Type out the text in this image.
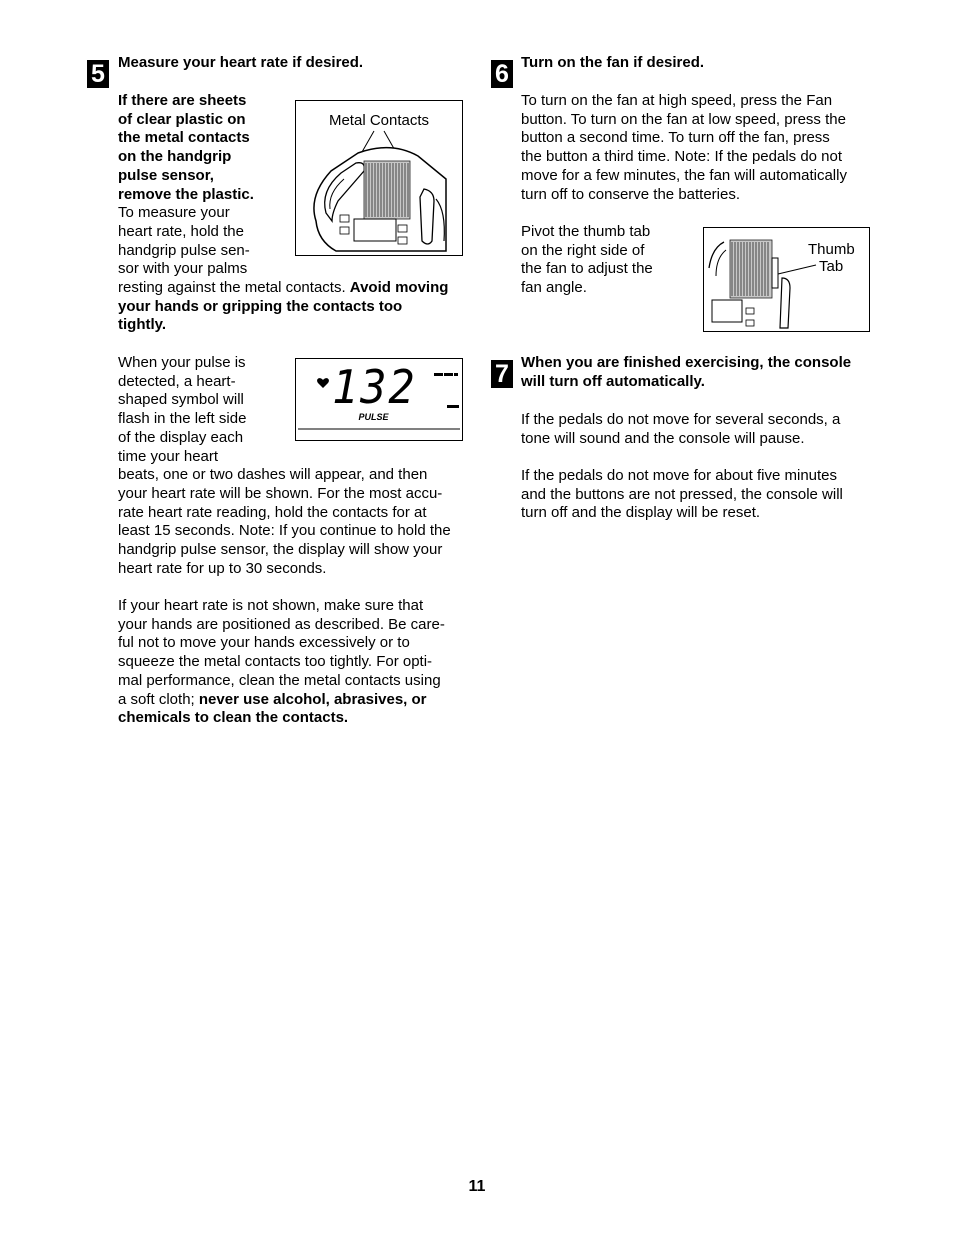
5 Measure your heart rate if desired.

If there are sheets

of clear plastic on

the metal contacts

on the handgrip

pulse sensor,

remove the plastic.

To measure your

heart rate, hold the

handgrip pulse sen-

sor with your palms

resting against the metal contacts. Avoid moving

your hands or gripping the contacts too

tightly.

Metal Contacts

When your pulse is

detected, a heart-

shaped symbol will

flash in the left side

of the display each

time your heart

beats, one or two dashes will appear, and then

your heart rate will be shown. For the most accu-

rate heart rate reading, hold the contacts for at

least 15 seconds. Note: If you continue to hold the

handgrip pulse sensor, the display will show your

heart rate for up to 30 seconds.

132
PULSE

If your heart rate is not shown, make sure that

your hands are positioned as described. Be care-

ful not to move your hands excessively or to

squeeze the metal contacts too tightly. For opti-

mal performance, clean the metal contacts using

a soft cloth; never use alcohol, abrasives, or

chemicals to clean the contacts.

6 Turn on the fan if desired.

To turn on the fan at high speed, press the Fan

button. To turn on the fan at low speed, press the

button a second time. To turn off the fan, press

the button a third time. Note: If the pedals do not

move for a few minutes, the fan will automatically

turn off to conserve the batteries.

Pivot the thumb tab

on the right side of

the fan to adjust the

fan angle.

Thumb
Tab
7 When you are finished exercising, the console

will turn off automatically.

If the pedals do not move for several seconds, a

tone will sound and the console will pause.

If the pedals do not move for about five minutes

and the buttons are not pressed, the console will

turn off and the display will be reset.

11
